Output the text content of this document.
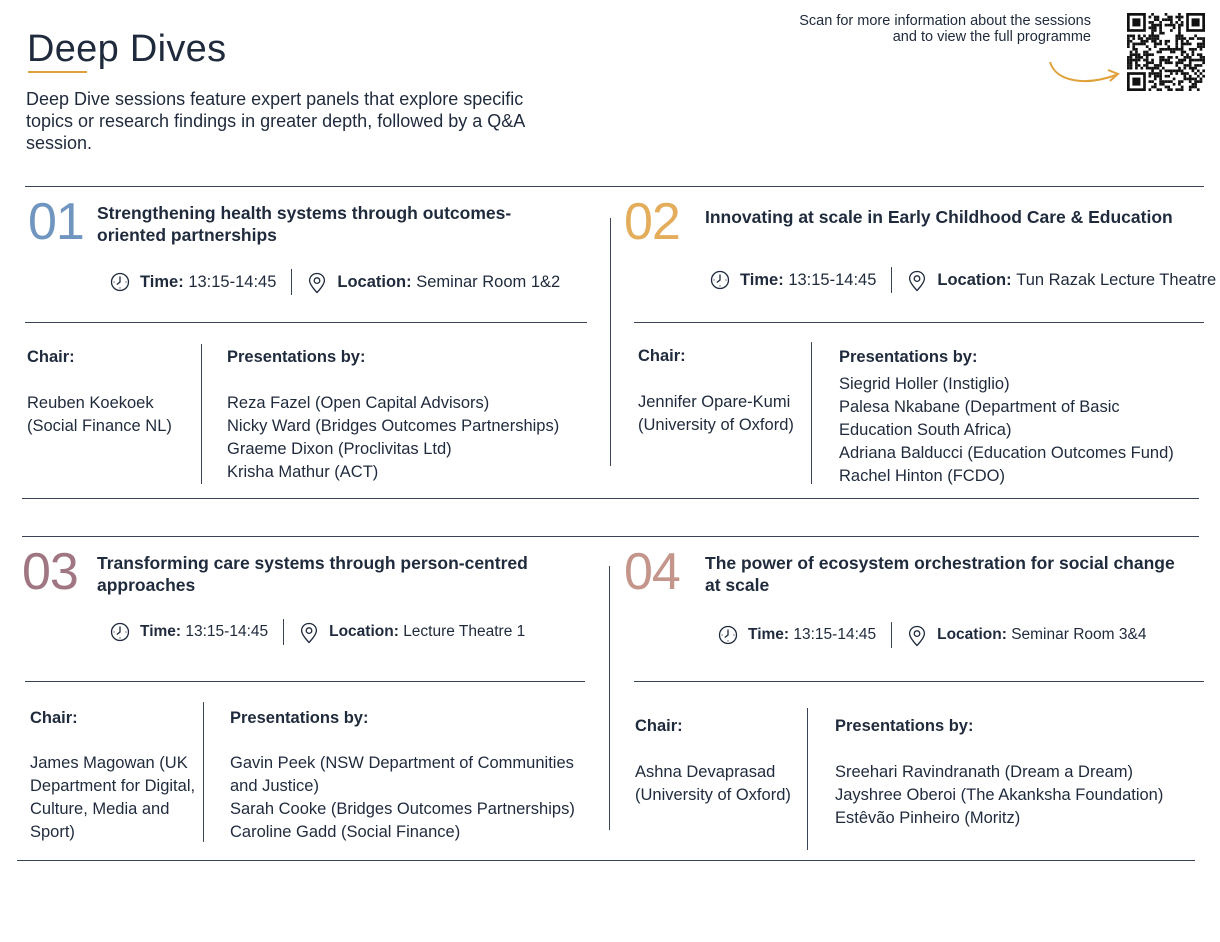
Deep Dives
Deep Dive sessions feature expert panels that explore specific topics or research findings in greater depth, followed by a Q&A session.
Scan for more information about the sessions and to view the full programme
01 Strengthening health systems through outcomes-oriented partnerships
Time:
13:15-14:45	Location:
Seminar Room 1&2
Chair:
Reuben Koekoek (Social Finance NL)
Presentations by:
Reza Fazel (Open Capital Advisors)
Nicky Ward (Bridges Outcomes Partnerships)
Graeme Dixon (Proclivitas Ltd)
Krisha Mathur (ACT)
02 Innovating at scale in Early Childhood Care & Education
Time:
13:15-14:45	Location:
Tun Razak Lecture Theatre
Chair:
Jennifer Opare-Kumi (University of Oxford)
Presentations by:
Siegrid Holler (Instiglio)
Palesa Nkabane (Department of Basic Education South Africa)
Adriana Balducci (Education Outcomes Fund)
Rachel Hinton (FCDO)
03 Transforming care systems through person-centred approaches
Time:
13:15-14:45	Location:
Lecture Theatre 1
Chair:
James Magowan (UK Department for Digital, Culture, Media and Sport)
Presentations by:
Gavin Peek (NSW Department of Communities and Justice)
Sarah Cooke (Bridges Outcomes Partnerships)
Caroline Gadd (Social Finance)
04 The power of ecosystem orchestration for social change at scale
Time:
13:15-14:45	Location:
Seminar Room 3&4
Chair:
Ashna Devaprasad (University of Oxford)
Presentations by:
Sreehari Ravindranath (Dream a Dream)
Jayshree Oberoi (The Akanksha Foundation)
Estêvão Pinheiro (Moritz)
